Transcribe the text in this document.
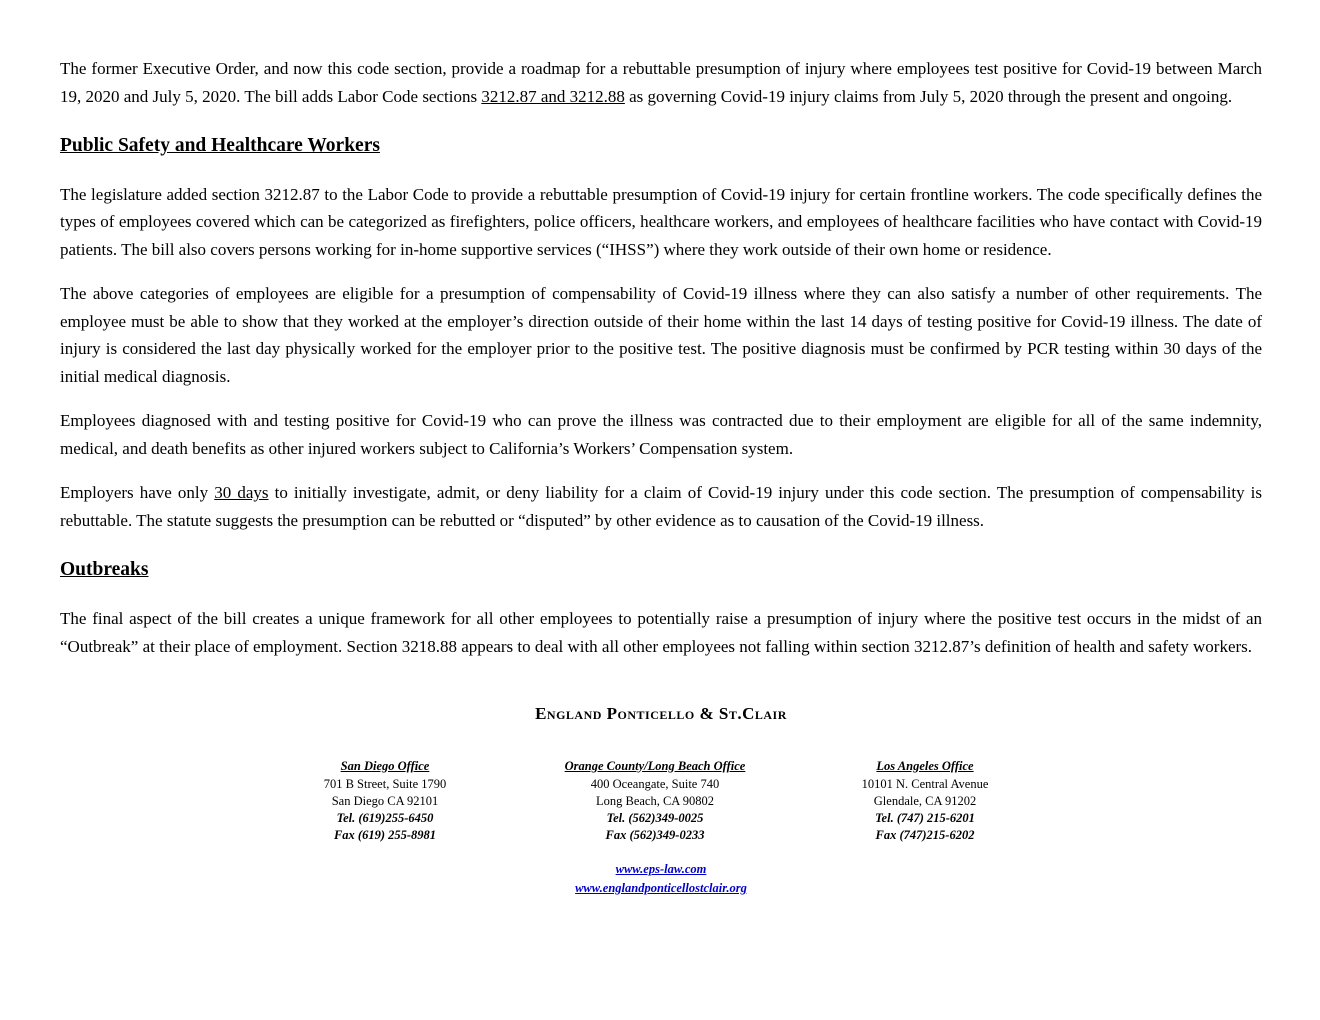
The former Executive Order, and now this code section, provide a roadmap for a rebuttable presumption of injury where employees test positive for Covid-19 between March 19, 2020 and July 5, 2020. The bill adds Labor Code sections 3212.87 and 3212.88 as governing Covid-19 injury claims from July 5, 2020 through the present and ongoing.

Public Safety and Healthcare Workers

The legislature added section 3212.87 to the Labor Code to provide a rebuttable presumption of Covid-19 injury for certain frontline workers. The code specifically defines the types of employees covered which can be categorized as firefighters, police officers, healthcare workers, and employees of healthcare facilities who have contact with Covid-19 patients. The bill also covers persons working for in-home supportive services (“IHSS”) where they work outside of their own home or residence.

The above categories of employees are eligible for a presumption of compensability of Covid-19 illness where they can also satisfy a number of other requirements. The employee must be able to show that they worked at the employer’s direction outside of their home within the last 14 days of testing positive for Covid-19 illness. The date of injury is considered the last day physically worked for the employer prior to the positive test. The positive diagnosis must be confirmed by PCR testing within 30 days of the initial medical diagnosis.

Employees diagnosed with and testing positive for Covid-19 who can prove the illness was contracted due to their employment are eligible for all of the same indemnity, medical, and death benefits as other injured workers subject to California’s Workers’ Compensation system.

Employers have only 30 days to initially investigate, admit, or deny liability for a claim of Covid-19 injury under this code section. The presumption of compensability is rebuttable. The statute suggests the presumption can be rebutted or “disputed” by other evidence as to causation of the Covid-19 illness.

Outbreaks

The final aspect of the bill creates a unique framework for all other employees to potentially raise a presumption of injury where the positive test occurs in the midst of an “Outbreak” at their place of employment. Section 3218.88 appears to deal with all other employees not falling within section 3212.87’s definition of health and safety workers.

England Ponticello & St.Clair
San Diego Office
701 B Street, Suite 1790
San Diego CA 92101
Tel. (619)255-6450
Fax (619) 255-8981
Orange County/Long Beach Office
400 Oceangate, Suite 740
Long Beach, CA 90802
Tel. (562)349-0025
Fax (562)349-0233
Los Angeles Office
10101 N. Central Avenue
Glendale, CA 91202
Tel. (747) 215-6201
Fax (747)215-6202
www.eps-law.com
www.englandponticellostclair.org
